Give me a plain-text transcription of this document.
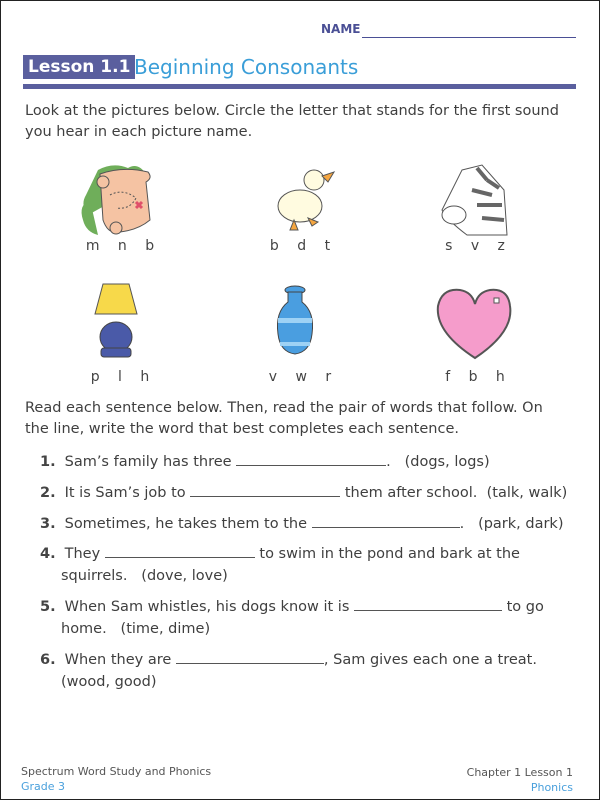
NAME
Lesson 1.1 Beginning Consonants
Look at the pictures below. Circle the letter that stands for the first sound
you hear in each picture name.
m n b	b d t	s v z
p l h	v w r	f b h
Read each sentence below. Then, read the pair of words that follow. On
the line, write the word that best completes each sentence.
1. Sam’s family has three	. (dogs, logs)
2. It is Sam’s job to	them after school. (talk, walk)
3. Sometimes, he takes them to the	. (park, dark)
4. They	to swim in the pond and bark at the
squirrels. (dove, love)
5. When Sam whistles, his dogs know it is	to go
home. (time, dime)
6. When they are	, Sam gives each one a treat.
(wood, good)
Spectrum Word Study and Phonics
Grade 3
Chapter 1 Lesson 1
Phonics
